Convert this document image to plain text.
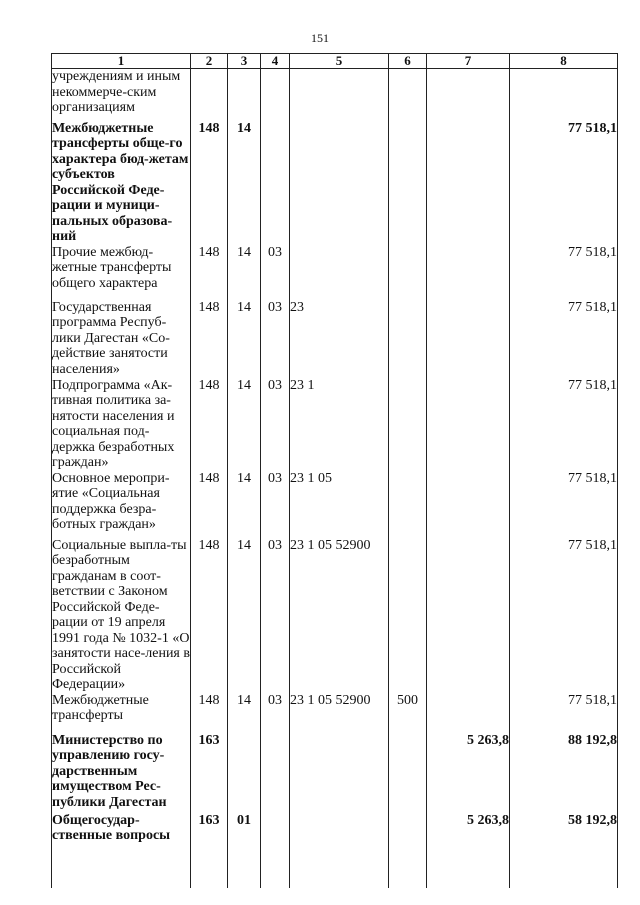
151
1	2	3	4	5	6	7	8
учреждениям и иным некоммерче-ским организациям							
Межбюджетные трансферты обще-го характера бюд-жетам субъектов Российской Феде-рации и муници-пальных образова-ний	148	14					77 518,1
Прочие межбюд-жетные трансферты общего характера	148	14	03				77 518,1
Государственная программа Респуб-лики Дагестан «Со-действие занятости населения»	148	14	03	23			77 518,1
Подпрограмма «Ак-тивная политика за-нятости населения и социальная под-держка безработных граждан»	148	14	03	23 1			77 518,1
Основное меропри-ятие «Социальная поддержка безра-ботных граждан»	148	14	03	23 1 05			77 518,1
Социальные выпла-ты безработным гражданам в соот-ветствии с Законом Российской Феде-рации от 19 апреля 1991 года № 1032-1 «О занятости насе-ления в Российской Федерации»	148	14	03	23 1 05 52900			77 518,1
Межбюджетные трансферты	148	14	03	23 1 05 52900	500		77 518,1
Министерство по управлению госу-дарственным имуществом Рес-публики Дагестан	163					5 263,8	88 192,8
Общегосудар-ственные вопросы	163	01				5 263,8	58 192,8
